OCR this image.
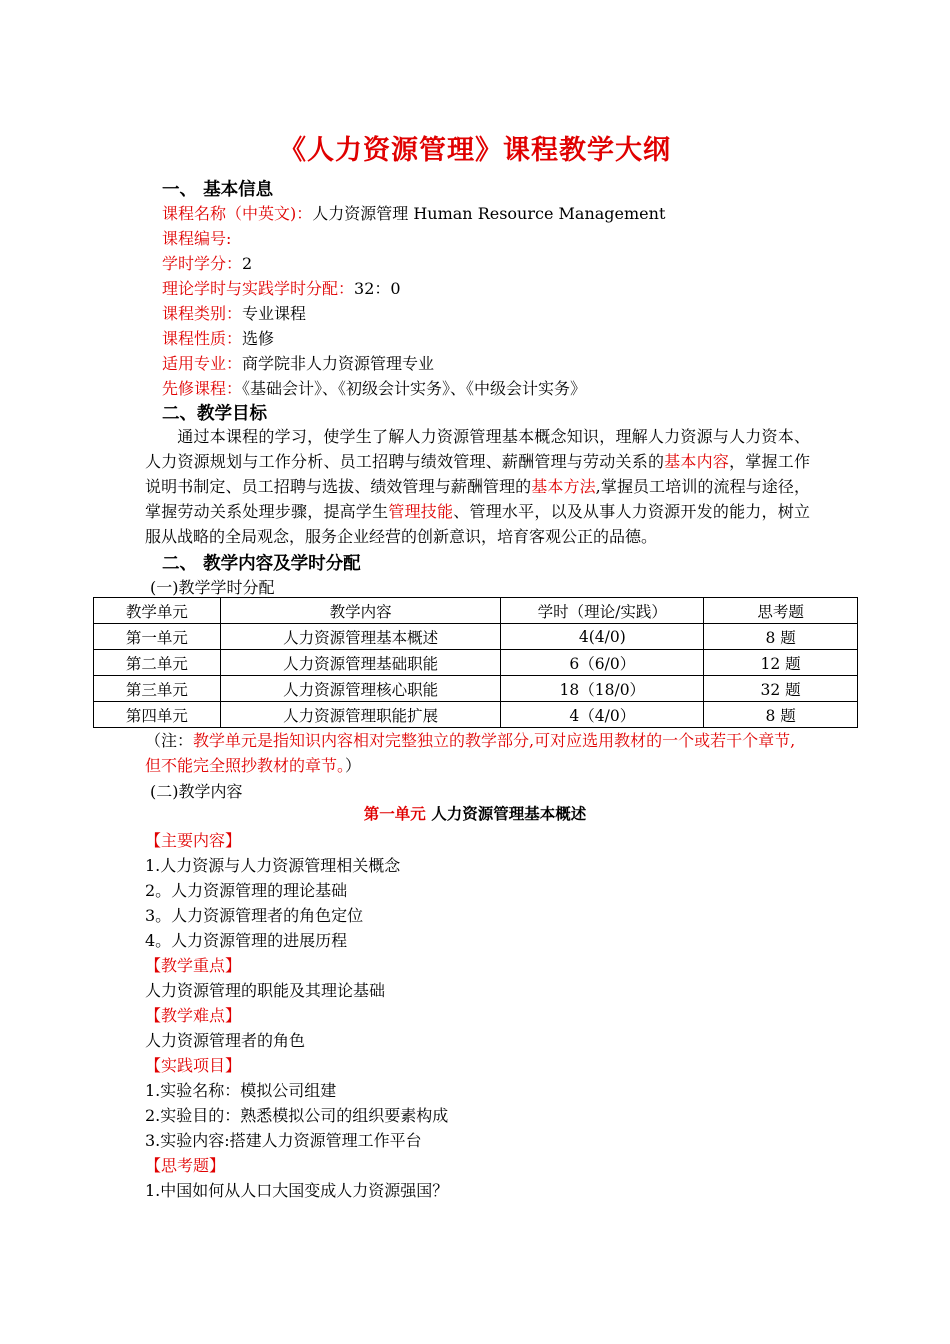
《人力资源管理》课程教学大纲
一、 基本信息
课程名称（中英文)：人力资源管理 Human Resource Management
课程编号:
学时学分：2
理论学时与实践学时分配：32：0
课程类别：专业课程
课程性质：选修
适用专业：商学院非人力资源管理专业
先修课程：《基础会计》、《初级会计实务》、《中级会计实务》
二、教学目标
通过本课程的学习，使学生了解人力资源管理基本概念知识，理解人力资源与人力资本、人力资源规划与工作分析、员工招聘与绩效管理、薪酬管理与劳动关系的基本内容，掌握工作说明书制定、员工招聘与选拔、绩效管理与薪酬管理的基本方法,掌握员工培训的流程与途径，掌握劳动关系处理步骤，提高学生管理技能、管理水平，以及从事人力资源开发的能力，树立服从战略的全局观念，服务企业经营的创新意识，培育客观公正的品德。
二、 教学内容及学时分配
(一)教学学时分配
教学单元	教学内容	学时（理论/实践）	思考题
第一单元	人力资源管理基本概述	4(4/0)	8 题
第二单元	人力资源管理基础职能	6（6/0）	12 题
第三单元	人力资源管理核心职能	18（18/0）	32 题
第四单元	人力资源管理职能扩展	4（4/0）	8 题
（注：教学单元是指知识内容相对完整独立的教学部分,可对应选用教材的一个或若干个章节,但不能完全照抄教材的章节。）
(二)教学内容
第一单元 人力资源管理基本概述
【主要内容】
1.人力资源与人力资源管理相关概念
2。人力资源管理的理论基础
3。人力资源管理者的角色定位
4。人力资源管理的进展历程
【教学重点】
人力资源管理的职能及其理论基础
【教学难点】
人力资源管理者的角色
【实践项目】
1.实验名称：模拟公司组建
2.实验目的：熟悉模拟公司的组织要素构成
3.实验内容:搭建人力资源管理工作平台
【思考题】
1.中国如何从人口大国变成人力资源强国？
